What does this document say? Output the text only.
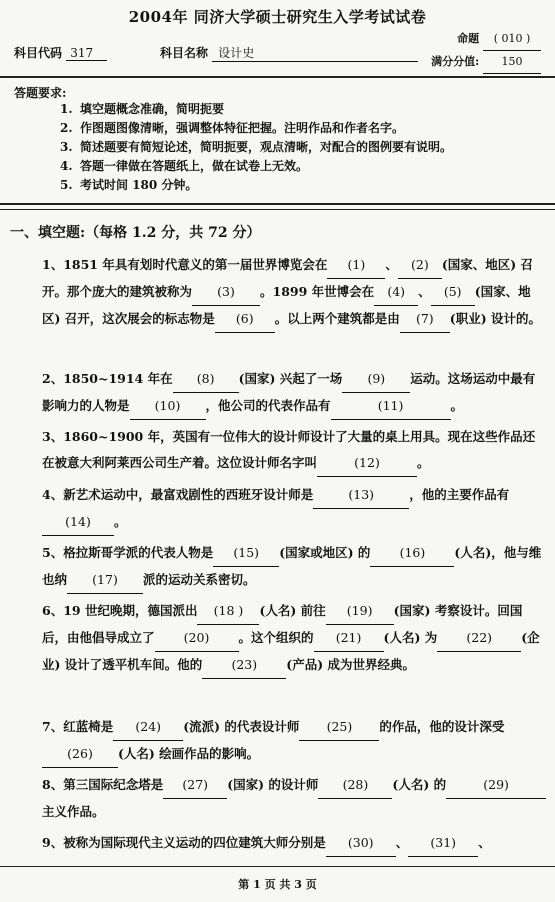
2004年 同济大学硕士研究生入学考试试卷
命题 ( 010 )
满分分值: 150
科目代码 317	科目名称 设计史
答题要求:
1. 填空题概念准确，简明扼要
2. 作图题图像清晰，强调整体特征把握。注明作品和作者名字。
3. 简述题要有简短论述，简明扼要，观点清晰，对配合的图例要有说明。
4. 答题一律做在答题纸上，做在试卷上无效。
5. 考试时间 180 分钟。
一、填空题:（每格 1.2 分，共 72 分）
1、1851 年具有划时代意义的第一届世界博览会在 (1) 、 (2) (国家、地区) 召开。那个庞大的建筑被称为 (3) 。1899 年世博会在 (4) 、 (5) (国家、地区) 召开，这次展会的标志物是 (6) 。以上两个建筑都是由 (7) (职业) 设计的。
2、1850~1914 年在 (8) (国家) 兴起了一场 (9) 运动。这场运动中最有影响力的人物是 (10) ，他公司的代表作品有	(11)	。
3、1860~1900 年，英国有一位伟大的设计师设计了大量的桌上用具。现在这些作品还在被意大利阿莱西公司生产着。这位设计师名字叫	(12)	。
4、新艺术运动中，最富戏剧性的西班牙设计师是	(13)	，他的主要作品有(14) 。
5、格拉斯哥学派的代表人物是 (15) (国家或地区) 的 (16) (人名)，他与维也纳 (17) 派的运动关系密切。
6、19 世纪晚期，德国派出 (18 ) (人名) 前往 (19) (国家) 考察设计。回国后，由他倡导成立了 (20) 。这个组织的 (21) (人名) 为 (22) (企业) 设计了透平机车间。他的 (23) (产品) 成为世界经典。
7、红蓝椅是 (24) (流派) 的代表设计师 (25) 的作品，他的设计深受(26) (人名) 绘画作品的影响。
8、第三国际纪念塔是 (27) (国家) 的设计师 (28) (人名) 的	(29)主义作品。
9、被称为国际现代主义运动的四位建筑大师分别是 (30) 、 (31) 、
第 1 页 共 3 页
